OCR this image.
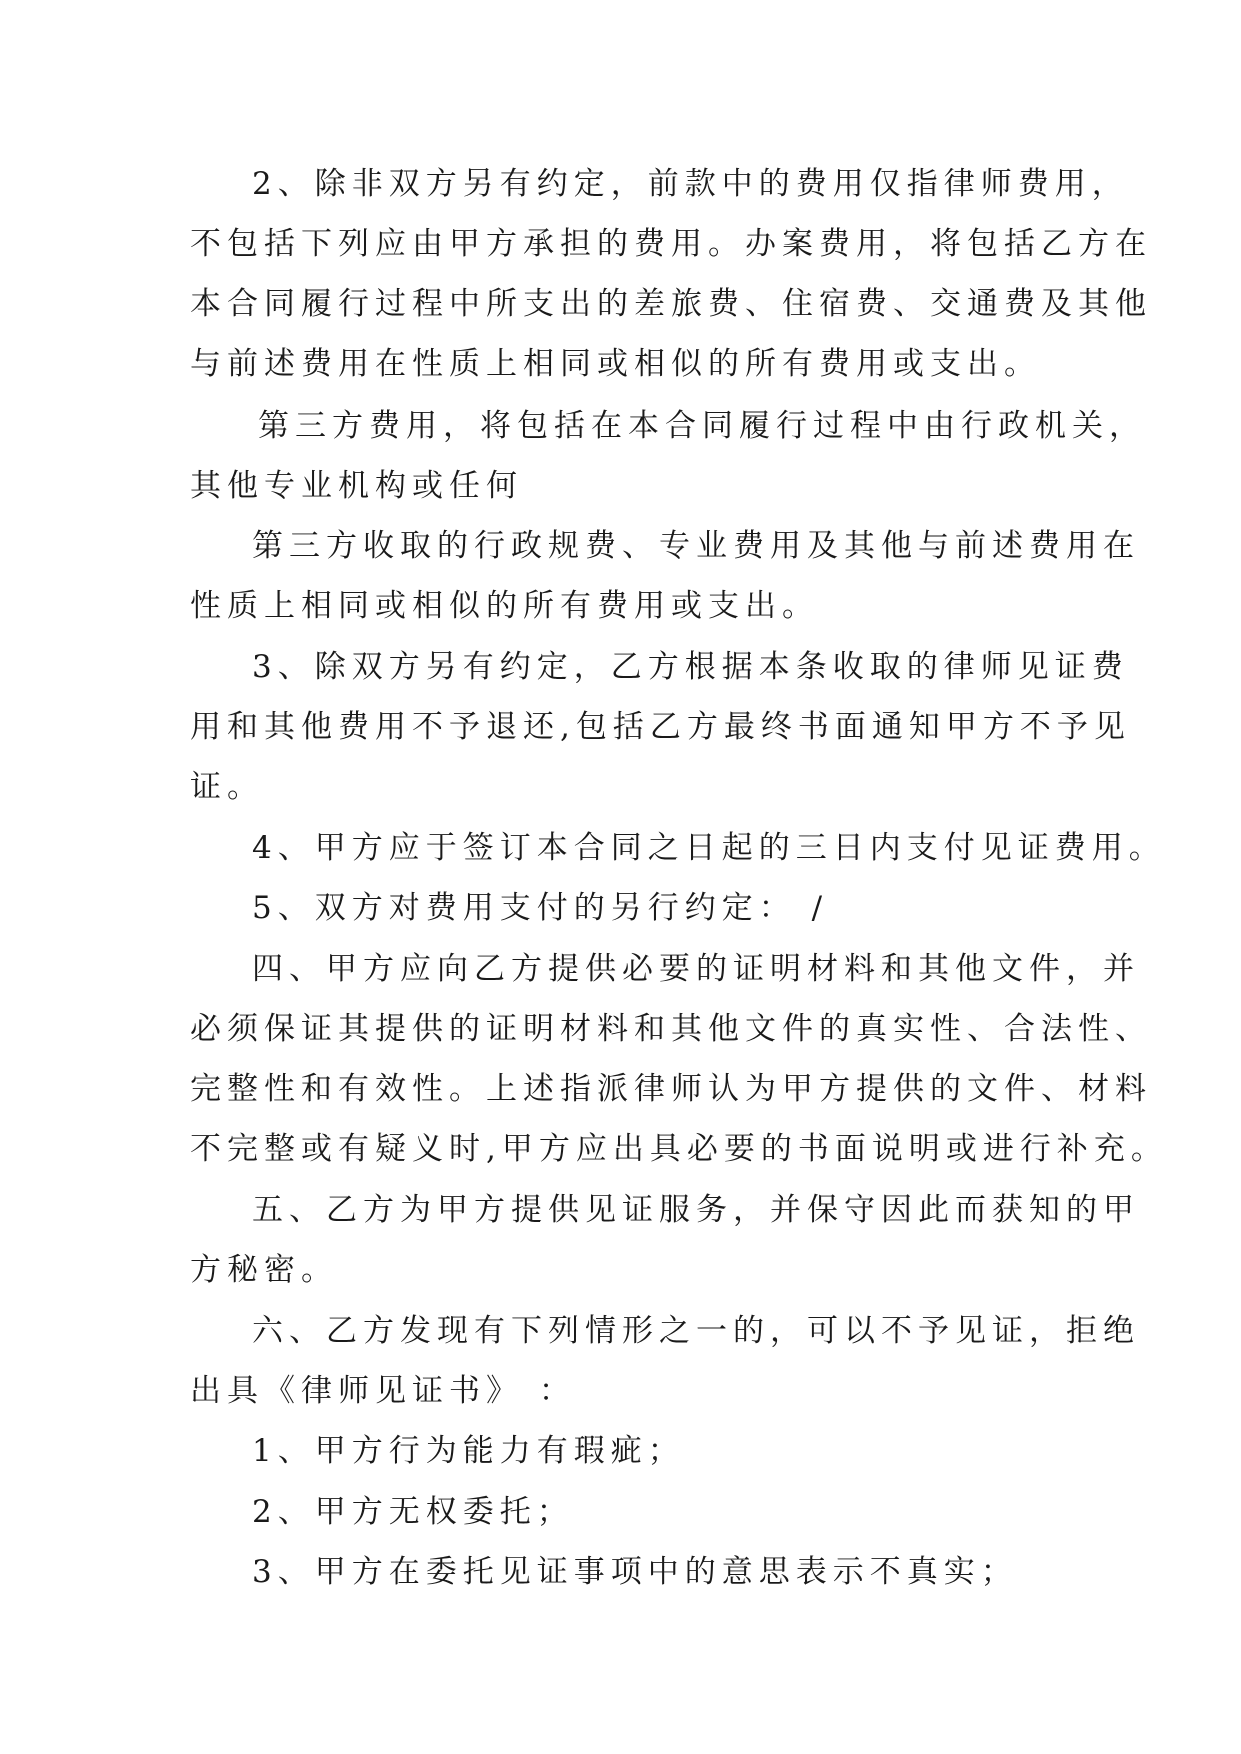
2、除非双方另有约定，前款中的费用仅指律师费用，

不包括下列应由甲方承担的费用。办案费用，将包括乙方在

本合同履行过程中所支出的差旅费、住宿费、交通费及其他

与前述费用在性质上相同或相似的所有费用或支出。

第三方费用，将包括在本合同履行过程中由行政机关，

其他专业机构或任何

第三方收取的行政规费、专业费用及其他与前述费用在

性质上相同或相似的所有费用或支出。

3、除双方另有约定，乙方根据本条收取的律师见证费

用和其他费用不予退还,包括乙方最终书面通知甲方不予见

证。

4、甲方应于签订本合同之日起的三日内支付见证费用。

5、双方对费用支付的另行约定： /

四、甲方应向乙方提供必要的证明材料和其他文件，并

必须保证其提供的证明材料和其他文件的真实性、合法性、

完整性和有效性。上述指派律师认为甲方提供的文件、材料

不完整或有疑义时,甲方应出具必要的书面说明或进行补充。

五、乙方为甲方提供见证服务，并保守因此而获知的甲

方秘密。

六、乙方发现有下列情形之一的，可以不予见证，拒绝

出具《律师见证书》 ：

1、甲方行为能力有瑕疵；

2、甲方无权委托；

3、甲方在委托见证事项中的意思表示不真实；
